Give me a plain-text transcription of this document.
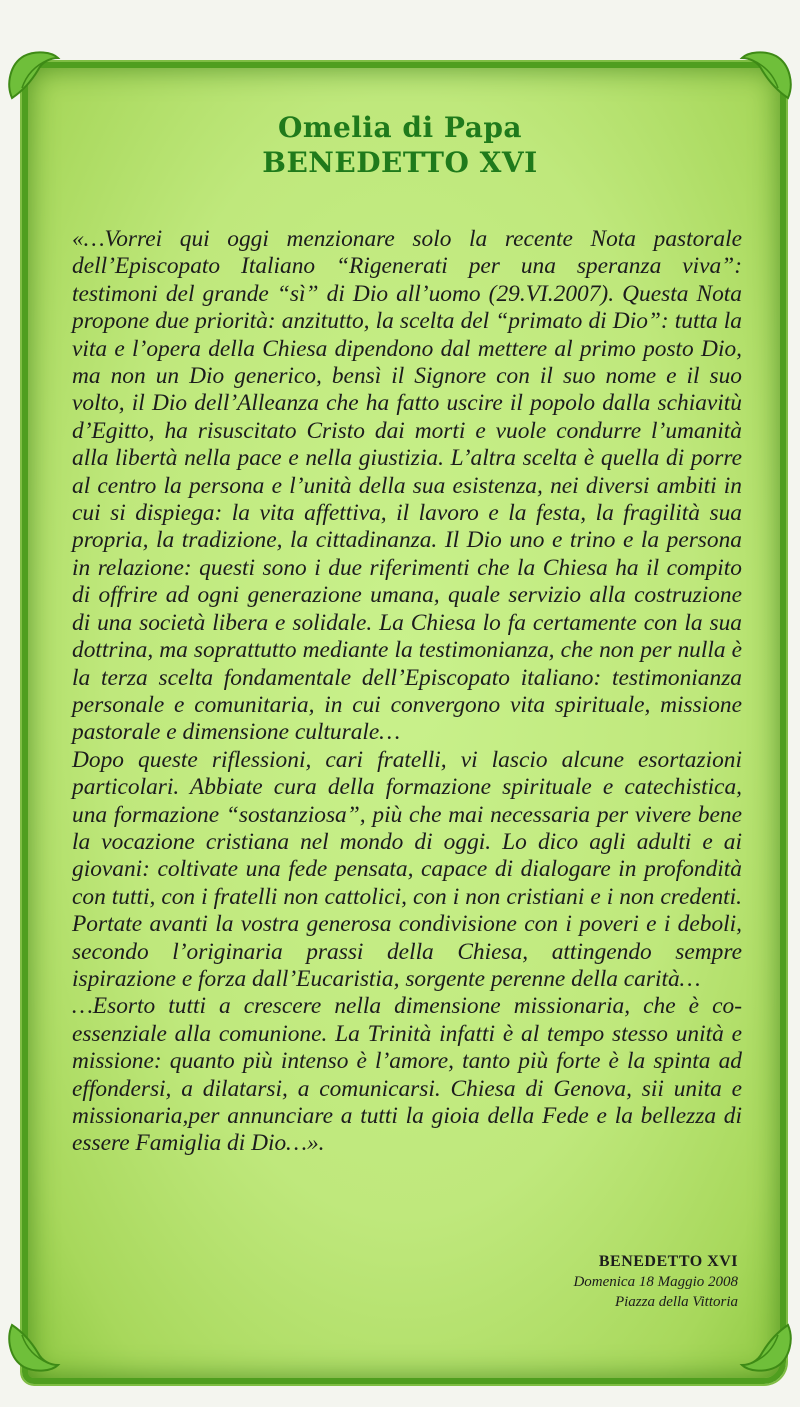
Omelia di Papa
BENEDETTO XVI

«…Vorrei qui oggi menzionare solo la recente Nota pastorale dell’Episcopato Italiano “Rigenerati per una speranza viva”: testimoni del grande “sì” di Dio all’uomo (29.VI.2007). Questa Nota propone due priorità: anzitutto, la scelta del “primato di Dio”: tutta la vita e l’opera della Chiesa dipendono dal mettere al primo posto Dio, ma non un Dio generico, bensì il Signore con il suo nome e il suo volto, il Dio dell’Alleanza che ha fatto uscire il popolo dalla schiavitù d’Egitto, ha risuscitato Cristo dai morti e vuole condurre l’umanità alla libertà nella pace e nella giustizia. L’altra scelta è quella di porre al centro la persona e l’unità della sua esistenza, nei diversi ambiti in cui si dispiega: la vita affettiva, il lavoro e la festa, la fragilità sua propria, la tradizione, la cittadinanza. Il Dio uno e trino e la persona in relazione: questi sono i due riferimenti che la Chiesa ha il compito di offrire ad ogni generazione umana, quale servizio alla costruzione di una società libera e solidale. La Chiesa lo fa certamente con la sua dottrina, ma soprattutto mediante la testimonianza, che non per nulla è la terza scelta fondamentale dell’Episcopato italiano: testimonianza personale e comunitaria, in cui convergono vita spirituale, missione pastorale e dimensione culturale…

Dopo queste riflessioni, cari fratelli, vi lascio alcune esortazioni particolari. Abbiate cura della formazione spirituale e catechistica, una formazione “sostanziosa”, più che mai necessaria per vivere bene la vocazione cristiana nel mondo di oggi. Lo dico agli adulti e ai giovani: coltivate una fede pensata, capace di dialogare in profondità con tutti, con i fratelli non cattolici, con i non cristiani e i non credenti. Portate avanti la vostra generosa condivisione con i poveri e i deboli, secondo l’originaria prassi della Chiesa, attingendo sempre ispirazione e forza dall’Eucaristia, sorgente perenne della carità…

…Esorto tutti a crescere nella dimensione missionaria, che è co-essenziale alla comunione. La Trinità infatti è al tempo stesso unità e missione: quanto più intenso è l’amore, tanto più forte è la spinta ad effondersi, a dilatarsi, a comunicarsi. Chiesa di Genova, sii unita e missionaria,per annunciare a tutti la gioia della Fede e la bellezza di essere Famiglia di Dio…».

BENEDETTO XVI
Domenica 18 Maggio 2008
Piazza della Vittoria
